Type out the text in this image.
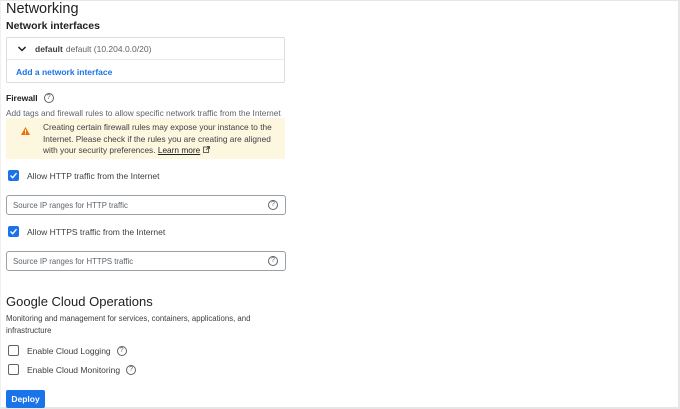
Networking
Network interfaces
default default (10.204.0.0/20)
Add a network interface
Firewall	?
Add tags and firewall rules to allow specific network traffic from the Internet
Creating certain firewall rules may expose your instance to the Internet. Please check if the rules you are creating are aligned with your security preferences. Learn more
Allow HTTP traffic from the Internet
Source IP ranges for HTTP traffic	?
Allow HTTPS traffic from the Internet
Source IP ranges for HTTPS traffic	?
Google Cloud Operations
Monitoring and management for services, containers, applications, and infrastructure
Enable Cloud Logging	?
Enable Cloud Monitoring	?
Deploy
